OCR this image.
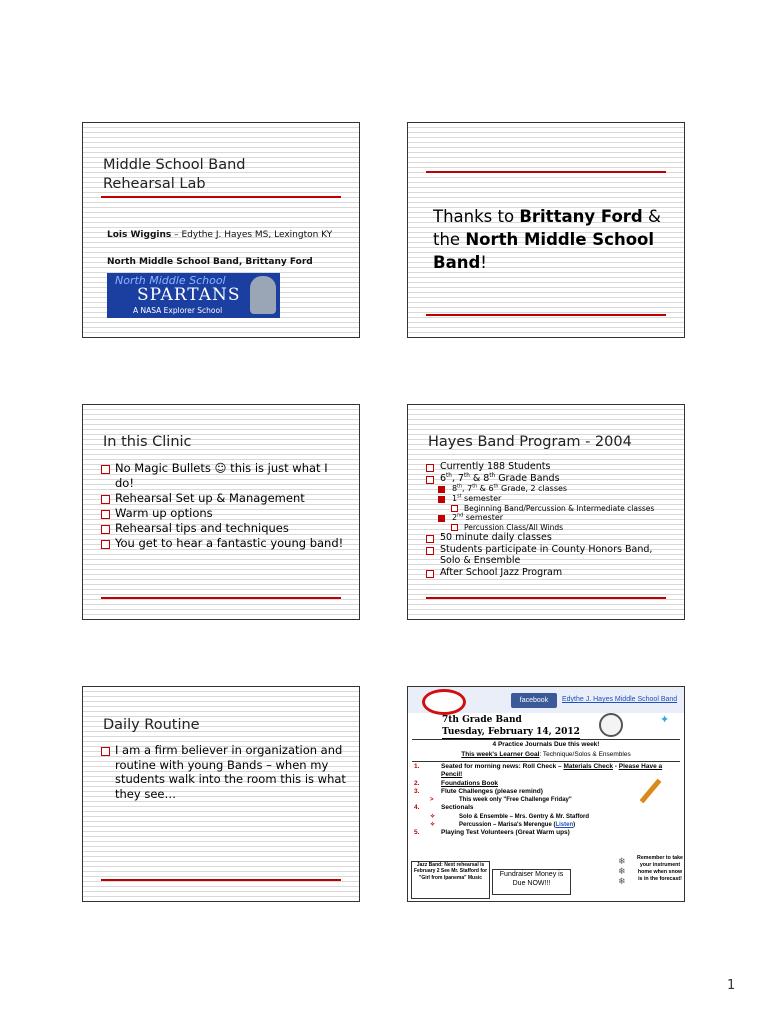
Middle School Band
Rehearsal Lab
Lois Wiggins – Edythe J. Hayes MS, Lexington KY
North Middle School Band, Brittany Ford
North Middle School
SPARTANS
A NASA Explorer School
Thanks to Brittany Ford & the North Middle School Band!
In this Clinic
No Magic Bullets ☺ this is just what I do!
Rehearsal Set up & Management
Warm up options
Rehearsal tips and techniques
You get to hear a fantastic young band!
Hayes Band Program - 2004
Currently 188 Students
6th, 7th & 8th Grade Bands
8th, 7th & 6th Grade, 2 classes
1st semester
Beginning Band/Percussion & Intermediate classes
2nd semester
Percussion Class/All Winds
50 minute daily classes
Students participate in County Honors Band, Solo & Ensemble
After School Jazz Program
Daily Routine
I am a firm believer in organization and routine with young Bands – when my students walk into the room this is what they see…
facebook	Edythe J. Hayes Middle School Band
7th Grade Band
Tuesday, February 14, 2012
✦
4 Practice Journals Due this week!
This week's Learner Goal: Technique/Solos & Ensembles
1.	Seated for morning news: Roll Check – Materials Check - Please Have a Pencil!
2.	Foundations Book
3.	Flute Challenges (please remind)
>	This week only "Free Challenge Friday"
4.	Sectionals
✧	Solo & Ensemble – Mrs. Gentry & Mr. Stafford
✧	Percussion – Marisa's Merengue (Listen)
5.	Playing Test Volunteers (Great Warm ups)
Jazz Band: Next rehearsal is February 2 See Mr. Stafford for "Girl from Ipanema" Music	Fundraiser Money is Due NOW!!!
❄
❄
❄
Remember to take your instrument home when snow is in the forecast!
1
